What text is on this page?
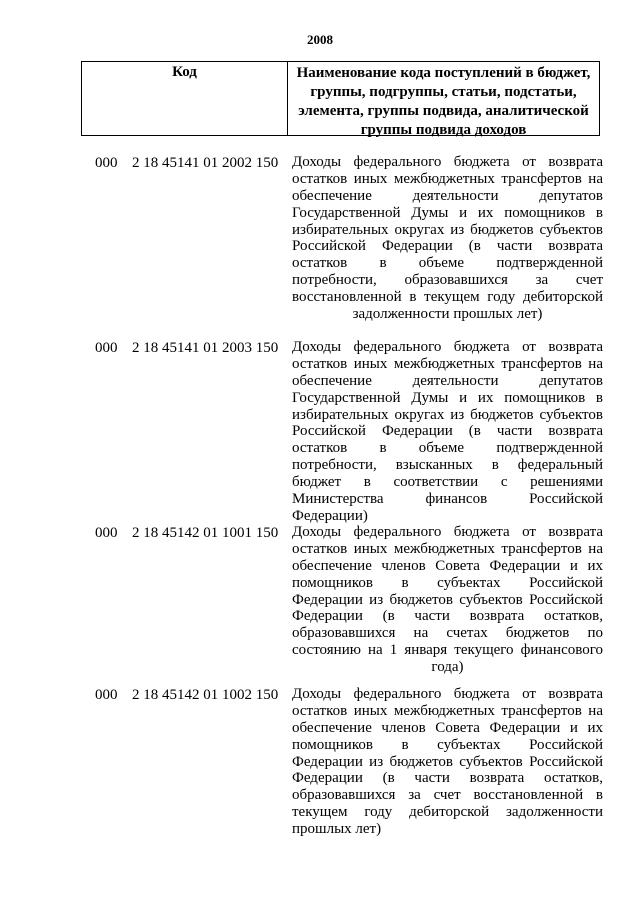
2008
Код	Наименование кода поступлений в бюджет,
группы, подгруппы, статьи, подстатьи,
элемента, группы подвида, аналитической
группы подвида доходов
000 2 18 45141 01 2002 150 Доходы федерального бюджета от возврата
остатков иных межбюджетных трансфертов на
обеспечение деятельности депутатов
Государственной Думы и их помощников в
избирательных округах из бюджетов субъектов
Российской Федерации (в части возврата
остатков в объеме подтвержденной
потребности, образовавшихся за счет
восстановленной в текущем году дебиторской
задолженности прошлых лет)
000 2 18 45141 01 2003 150 Доходы федерального бюджета от возврата
остатков иных межбюджетных трансфертов на
обеспечение деятельности депутатов
Государственной Думы и их помощников в
избирательных округах из бюджетов субъектов
Российской Федерации (в части возврата
остатков в объеме подтвержденной
потребности, взысканных в федеральный
бюджет в соответствии с решениями
Министерства финансов Российской
Федерации)
000 2 18 45142 01 1001 150 Доходы федерального бюджета от возврата
остатков иных межбюджетных трансфертов на
обеспечение членов Совета Федерации и их
помощников в субъектах Российской
Федерации из бюджетов субъектов Российской
Федерации (в части возврата остатков,
образовавшихся на счетах бюджетов по
состоянию на 1 января текущего финансового
года)
000 2 18 45142 01 1002 150 Доходы федерального бюджета от возврата
остатков иных межбюджетных трансфертов на
обеспечение членов Совета Федерации и их
помощников в субъектах Российской
Федерации из бюджетов субъектов Российской
Федерации (в части возврата остатков,
образовавшихся за счет восстановленной в
текущем году дебиторской задолженности
прошлых лет)
